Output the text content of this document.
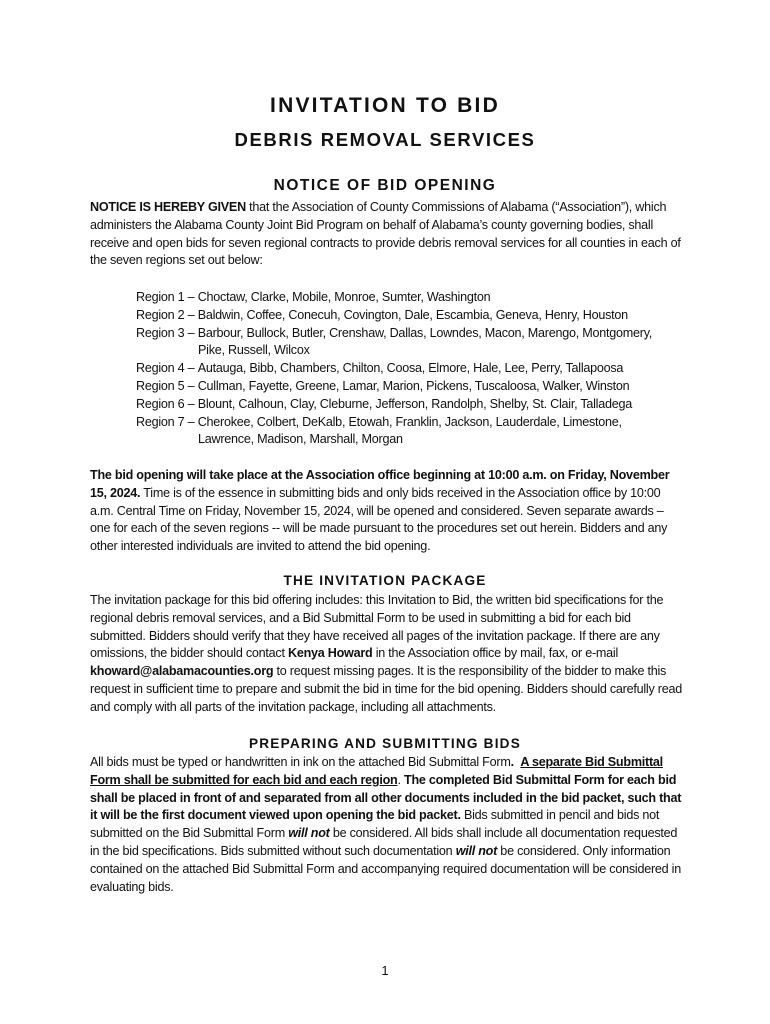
INVITATION TO BID
DEBRIS REMOVAL SERVICES
NOTICE OF BID OPENING
NOTICE IS HEREBY GIVEN that the Association of County Commissions of Alabama (“Association”), which administers the Alabama County Joint Bid Program on behalf of Alabama’s county governing bodies, shall receive and open bids for seven regional contracts to provide debris removal services for all counties in each of the seven regions set out below:
Region 1 – Choctaw, Clarke, Mobile, Monroe, Sumter, Washington
Region 2 – Baldwin, Coffee, Conecuh, Covington, Dale, Escambia, Geneva, Henry, Houston
Region 3 – Barbour, Bullock, Butler, Crenshaw, Dallas, Lowndes, Macon, Marengo, Montgomery,
Pike, Russell, Wilcox
Region 4 – Autauga, Bibb, Chambers, Chilton, Coosa, Elmore, Hale, Lee, Perry, Tallapoosa
Region 5 – Cullman, Fayette, Greene, Lamar, Marion, Pickens, Tuscaloosa, Walker, Winston
Region 6 – Blount, Calhoun, Clay, Cleburne, Jefferson, Randolph, Shelby, St. Clair, Talladega
Region 7 – Cherokee, Colbert, DeKalb, Etowah, Franklin, Jackson, Lauderdale, Limestone,
Lawrence, Madison, Marshall, Morgan
The bid opening will take place at the Association office beginning at 10:00 a.m. on Friday, November 15, 2024. Time is of the essence in submitting bids and only bids received in the Association office by 10:00 a.m. Central Time on Friday, November 15, 2024, will be opened and considered. Seven separate awards – one for each of the seven regions -- will be made pursuant to the procedures set out herein. Bidders and any other interested individuals are invited to attend the bid opening.
THE INVITATION PACKAGE
The invitation package for this bid offering includes: this Invitation to Bid, the written bid specifications for the regional debris removal services, and a Bid Submittal Form to be used in submitting a bid for each bid submitted. Bidders should verify that they have received all pages of the invitation package. If there are any omissions, the bidder should contact Kenya Howard in the Association office by mail, fax, or e-mail khoward@alabamacounties.org to request missing pages. It is the responsibility of the bidder to make this request in sufficient time to prepare and submit the bid in time for the bid opening. Bidders should carefully read and comply with all parts of the invitation package, including all attachments.
PREPARING AND SUBMITTING BIDS
All bids must be typed or handwritten in ink on the attached Bid Submittal Form. A separate Bid Submittal Form shall be submitted for each bid and each region. The completed Bid Submittal Form for each bid shall be placed in front of and separated from all other documents included in the bid packet, such that it will be the first document viewed upon opening the bid packet. Bids submitted in pencil and bids not submitted on the Bid Submittal Form will not be considered. All bids shall include all documentation requested in the bid specifications. Bids submitted without such documentation will not be considered. Only information contained on the attached Bid Submittal Form and accompanying required documentation will be considered in evaluating bids.
1
